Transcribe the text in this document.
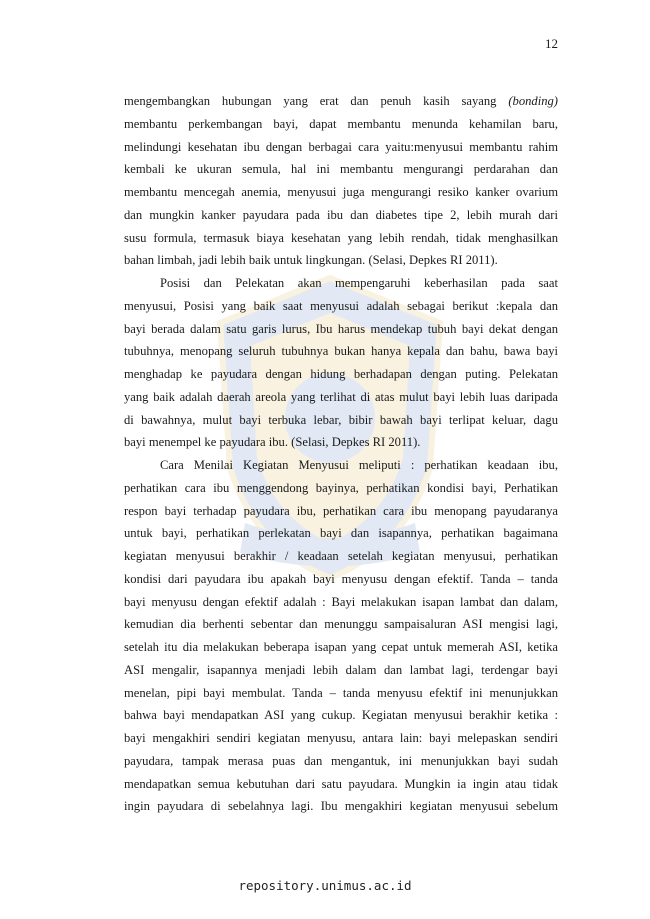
12
mengembangkan hubungan yang erat dan penuh kasih sayang (bonding)
membantu perkembangan bayi, dapat membantu menunda kehamilan baru,
melindungi kesehatan ibu dengan berbagai cara yaitu:menyusui membantu rahim
kembali ke ukuran semula, hal ini membantu mengurangi perdarahan dan
membantu mencegah anemia, menyusui juga mengurangi resiko kanker ovarium
dan mungkin kanker payudara pada ibu dan diabetes tipe 2, lebih murah dari
susu formula, termasuk biaya kesehatan yang lebih rendah, tidak menghasilkan
bahan limbah, jadi lebih baik untuk lingkungan. (Selasi, Depkes RI 2011).
Posisi dan Pelekatan akan mempengaruhi keberhasilan pada saat
menyusui, Posisi yang baik saat menyusui adalah sebagai berikut :kepala dan
bayi berada dalam satu garis lurus, Ibu harus mendekap tubuh bayi dekat dengan
tubuhnya, menopang seluruh tubuhnya bukan hanya kepala dan bahu, bawa bayi
menghadap ke payudara dengan hidung berhadapan dengan puting. Pelekatan
yang baik adalah daerah areola yang terlihat di atas mulut bayi lebih luas daripada
di bawahnya, mulut bayi terbuka lebar, bibir bawah bayi terlipat keluar, dagu
bayi menempel ke payudara ibu. (Selasi, Depkes RI 2011).
Cara Menilai Kegiatan Menyusui meliputi : perhatikan keadaan ibu,
perhatikan cara ibu menggendong bayinya, perhatikan kondisi bayi, Perhatikan
respon bayi terhadap payudara ibu, perhatikan cara ibu menopang payudaranya
untuk bayi, perhatikan perlekatan bayi dan isapannya, perhatikan bagaimana
kegiatan menyusui berakhir / keadaan setelah kegiatan menyusui, perhatikan
kondisi dari payudara ibu apakah bayi menyusu dengan efektif. Tanda – tanda
bayi menyusu dengan efektif adalah : Bayi melakukan isapan lambat dan dalam,
kemudian dia berhenti sebentar dan menunggu sampaisaluran ASI mengisi lagi,
setelah itu dia melakukan beberapa isapan yang cepat untuk memerah ASI, ketika
ASI mengalir, isapannya menjadi lebih dalam dan lambat lagi, terdengar bayi
menelan, pipi bayi membulat. Tanda – tanda menyusu efektif ini menunjukkan
bahwa bayi mendapatkan ASI yang cukup. Kegiatan menyusui berakhir ketika :
bayi mengakhiri sendiri kegiatan menyusu, antara lain: bayi melepaskan sendiri
payudara, tampak merasa puas dan mengantuk, ini menunjukkan bayi sudah
mendapatkan semua kebutuhan dari satu payudara. Mungkin ia ingin atau tidak
ingin payudara di sebelahnya lagi. Ibu mengakhiri kegiatan menyusui sebelum
repository.unimus.ac.id
